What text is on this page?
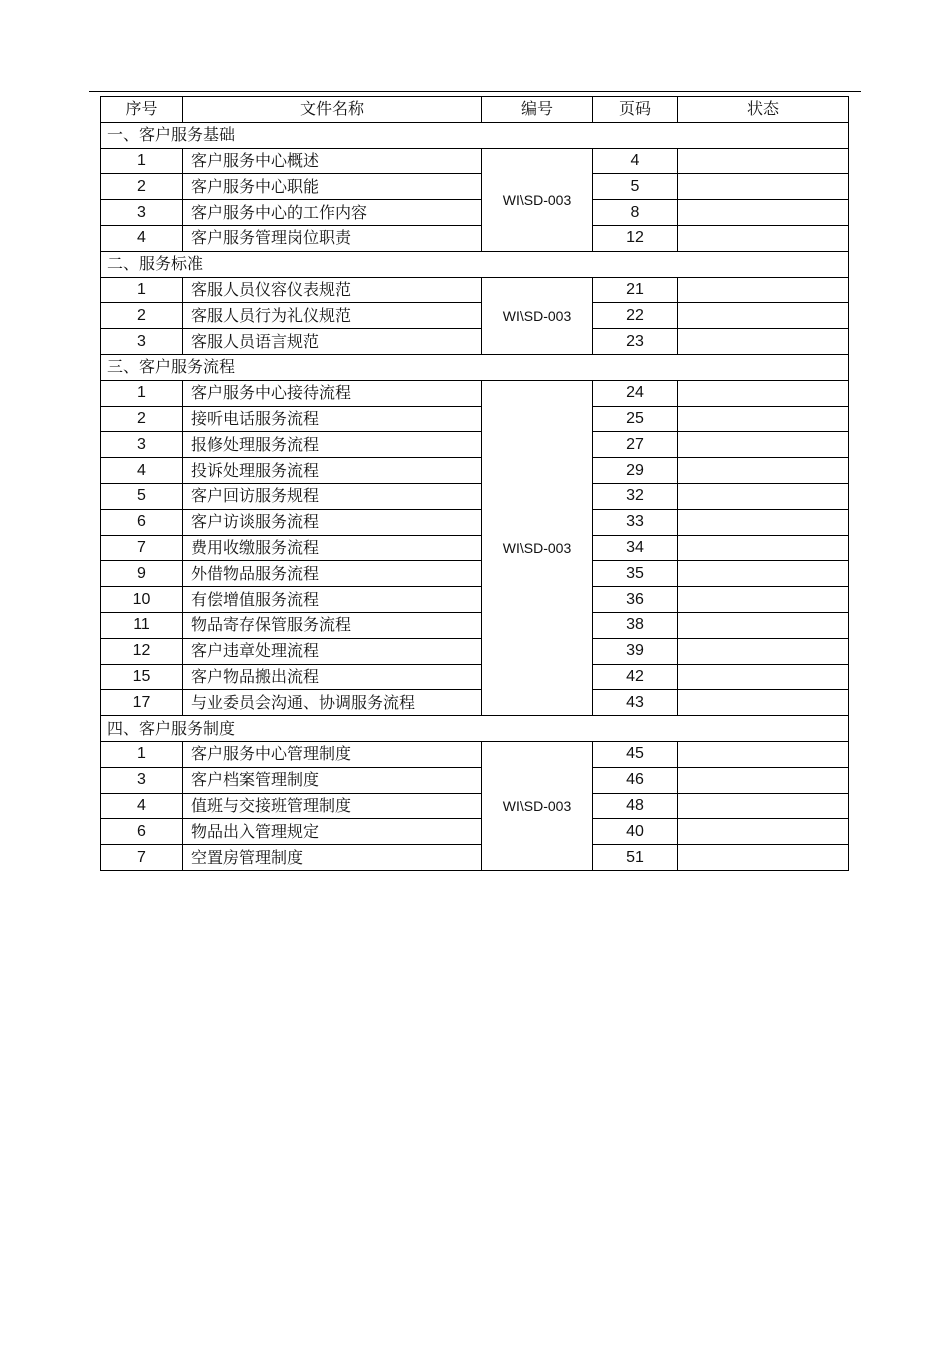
序号	文件名称	编号	页码	状态
一、客户服务基础				
1	客户服务中心概述	WI\SD-003	4	
2	客户服务中心职能		5	
3	客户服务中心的工作内容		8	
4	客户服务管理岗位职责		12	
二、服务标准				
1	客服人员仪容仪表规范	WI\SD-003	21	
2	客服人员行为礼仪规范		22	
3	客服人员语言规范		23	
三、客户服务流程				
1	客户服务中心接待流程	WI\SD-003	24	
2	接听电话服务流程		25	
3	报修处理服务流程		27	
4	投诉处理服务流程		29	
5	客户回访服务规程		32	
6	客户访谈服务流程		33	
7	费用收缴服务流程		34	
9	外借物品服务流程		35	
10	有偿增值服务流程		36	
11	物品寄存保管服务流程		38	
12	客户违章处理流程		39	
15	客户物品搬出流程		42	
17	与业委员会沟通、协调服务流程		43	
四、客户服务制度				
1	客户服务中心管理制度	WI\SD-003	45	
3	客户档案管理制度		46	
4	值班与交接班管理制度		48	
6	物品出入管理规定		40	
7	空置房管理制度		51	
